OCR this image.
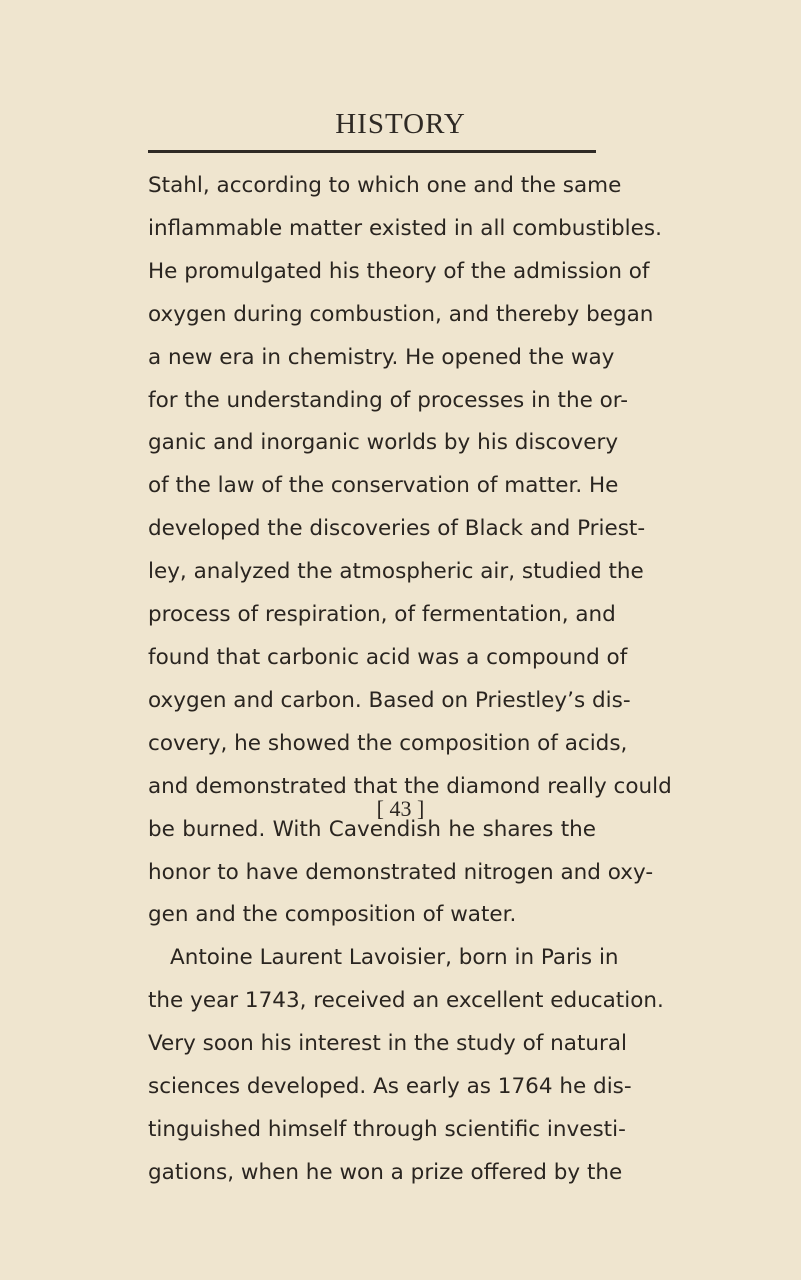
HISTORY
Stahl, according to which one and the same
inflammable matter existed in all combustibles.
He promulgated his theory of the admission of
oxygen during combustion, and thereby began
a new era in chemistry. He opened the way
for the understanding of processes in the or-
ganic and inorganic worlds by his discovery
of the law of the conservation of matter. He
developed the discoveries of Black and Priest-
ley, analyzed the atmospheric air, studied the
process of respiration, of fermentation, and
found that carbonic acid was a compound of
oxygen and carbon. Based on Priestley’s dis-
covery, he showed the composition of acids,
and demonstrated that the diamond really could
be burned. With Cavendish he shares the
honor to have demonstrated nitrogen and oxy-
gen and the composition of water.
Antoine Laurent Lavoisier, born in Paris in
the year 1743, received an excellent education.
Very soon his interest in the study of natural
sciences developed. As early as 1764 he dis-
tinguished himself through scientific investi-
gations, when he won a prize offered by the
[ 43 ]
